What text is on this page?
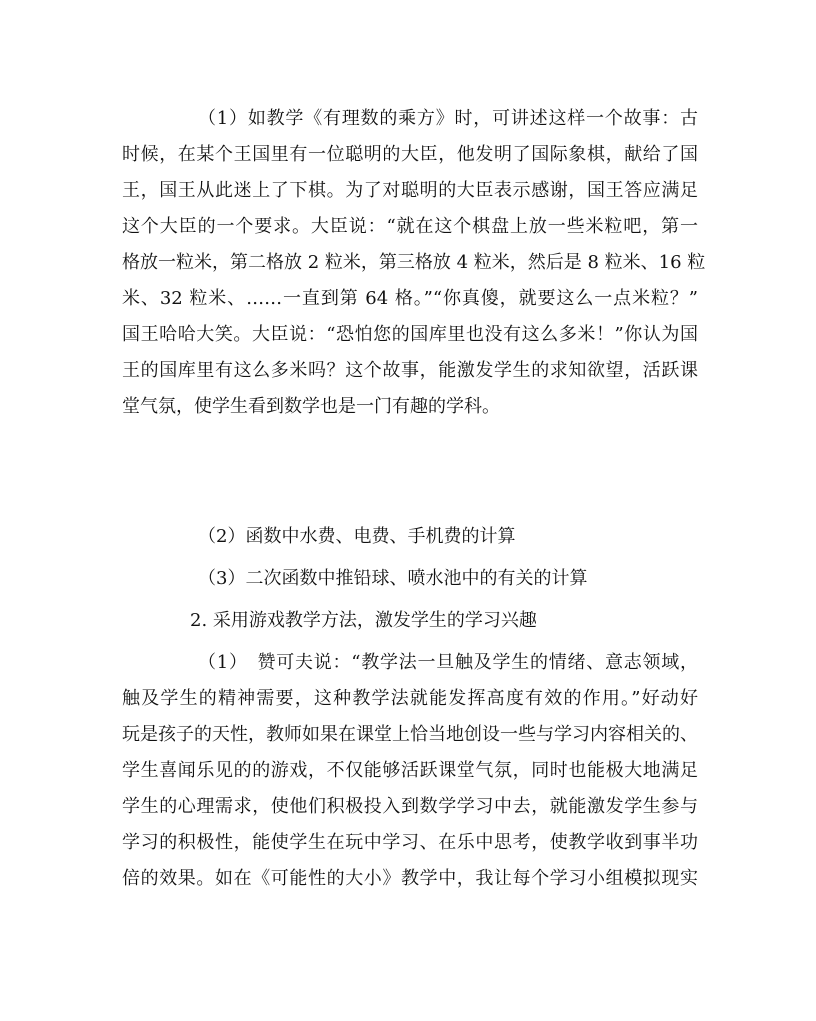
（1）如教学《有理数的乘方》时，可讲述这样一个故事：古
时候，在某个王国里有一位聪明的大臣，他发明了国际象棋，献给了国
王，国王从此迷上了下棋。为了对聪明的大臣表示感谢，国王答应满足
这个大臣的一个要求。大臣说：“就在这个棋盘上放一些米粒吧，第一
格放一粒米，第二格放 2 粒米，第三格放 4 粒米，然后是 8 粒米、16 粒
米、32 粒米、……一直到第 64 格。”“你真傻，就要这么一点米粒？”
国王哈哈大笑。大臣说：“恐怕您的国库里也没有这么多米！”你认为国
王的国库里有这么多米吗？这个故事，能激发学生的求知欲望，活跃课
堂气氛，使学生看到数学也是一门有趣的学科。

（2）函数中水费、电费、手机费的计算

（3）二次函数中推铅球、喷水池中的有关的计算

2. 采用游戏教学方法，激发学生的学习兴趣

（1）　赞可夫说：“教学法一旦触及学生的情绪、意志领域，
触及学生的精神需要，这种教学法就能发挥高度有效的作用。”好动好
玩是孩子的天性，教师如果在课堂上恰当地创设一些与学习内容相关的、
学生喜闻乐见的的游戏，不仅能够活跃课堂气氛，同时也能极大地满足
学生的心理需求，使他们积极投入到数学学习中去，就能激发学生参与
学习的积极性，能使学生在玩中学习、在乐中思考，使教学收到事半功
倍的效果。如在《可能性的大小》教学中，我让每个学习小组模拟现实
